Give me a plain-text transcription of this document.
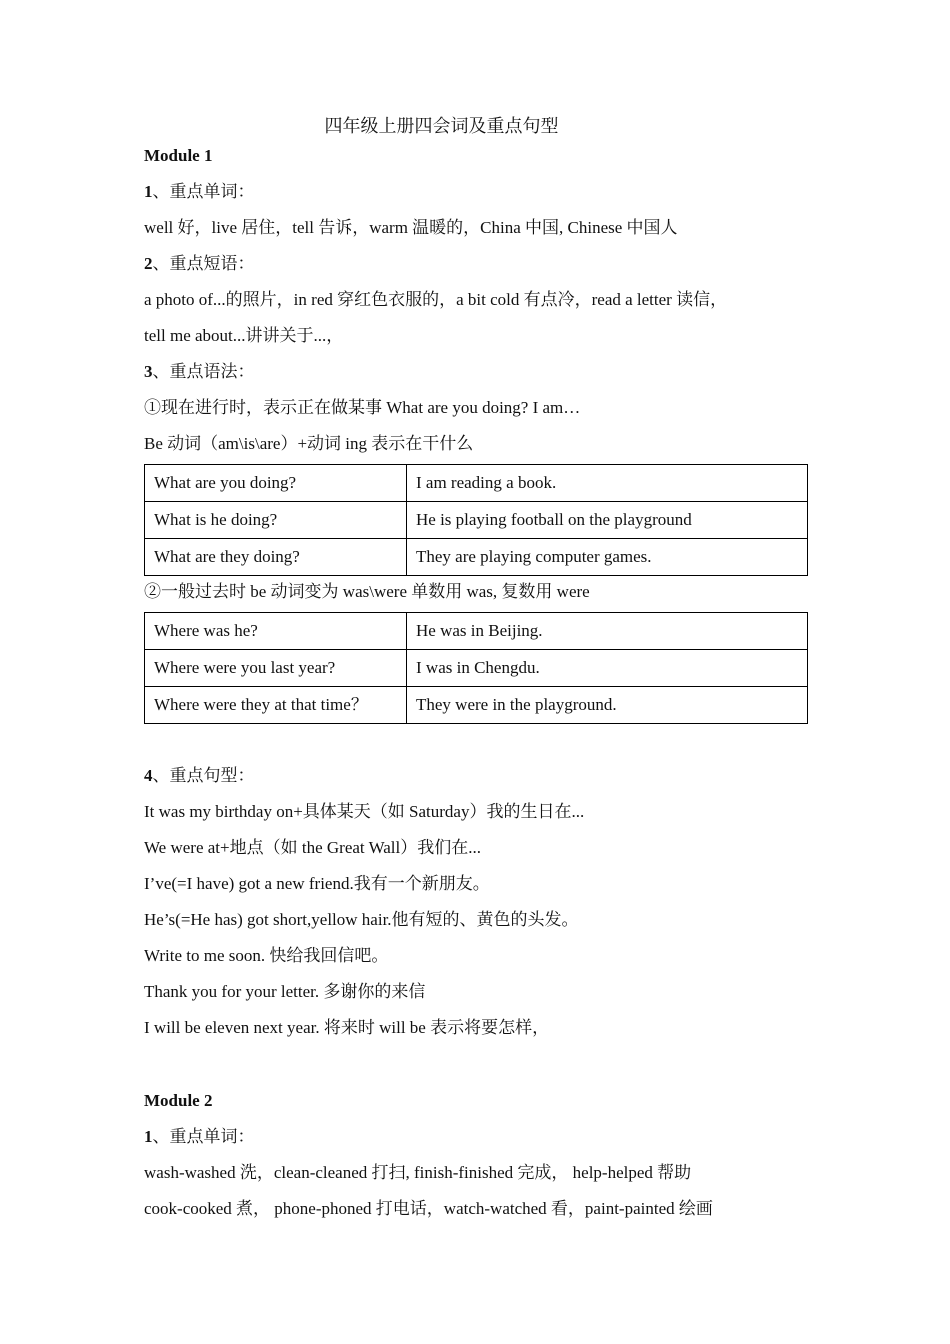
四年级上册四会词及重点句型
Module 1
1、重点单词：
well 好，live 居住，tell 告诉，warm 温暖的，China 中国, Chinese 中国人
2、重点短语：
a photo of...的照片，in red 穿红色衣服的，a bit cold 有点冷，read a letter 读信，
tell me about...讲讲关于...，
3、重点语法：
①现在进行时，表示正在做某事 What are you doing? I am…
Be 动词（am\is\are）+动词 ing 表示在干什么
What are you doing?	I am reading a book.
What is he doing?	He is playing football on the playground
What are they doing?	They are playing computer games.
②一般过去时 be 动词变为 was\were 单数用 was, 复数用 were
Where was he?	He was in Beijing.
Where were you last year?	I was in Chengdu.
Where were they at that time？	They were in the playground.
4、重点句型：
It was my birthday on+具体某天（如 Saturday）我的生日在...
We were at+地点（如 the Great Wall）我们在...
I’ve(=I have) got a new friend.我有一个新朋友。
He’s(=He has) got short,yellow hair.他有短的、黄色的头发。
Write to me soon. 快给我回信吧。
Thank you for your letter. 多谢你的来信
I will be eleven next year. 将来时 will be 表示将要怎样，
Module 2
1、重点单词：
wash-washed 洗，clean-cleaned 打扫, finish-finished 完成， help-helped 帮助
cook-cooked 煮， phone-phoned 打电话，watch-watched 看，paint-painted 绘画
